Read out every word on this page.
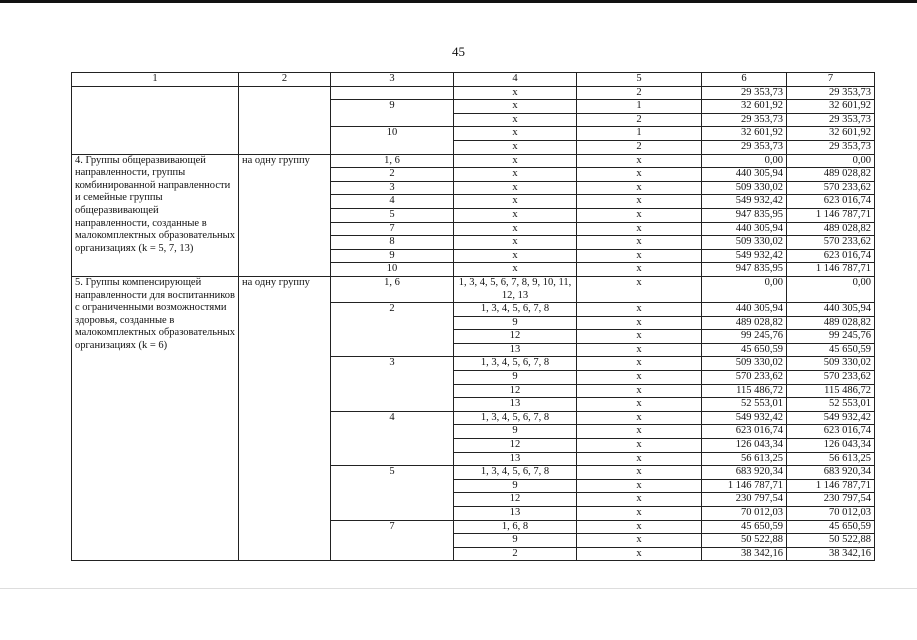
45
1	2	3	4	5	6	7
			х	2	29 353,73	29 353,73
		9	х	1	32 601,92	32 601,92
			х	2	29 353,73	29 353,73
		10	х	1	32 601,92	32 601,92
			х	2	29 353,73	29 353,73
4. Группы общеразвивающей направленности, группы комбинированной направленности и семейные группы общеразвивающей направленности, созданные в малокомплектных образовательных организациях (k = 5, 7, 13)	на одну группу	1, 6	х	х	0,00	0,00
		2	х	х	440 305,94	489 028,82
		3	х	х	509 330,02	570 233,62
		4	х	х	549 932,42	623 016,74
		5	х	х	947 835,95	1 146 787,71
		7	х	х	440 305,94	489 028,82
		8	х	х	509 330,02	570 233,62
		9	х	х	549 932,42	623 016,74
		10	х	х	947 835,95	1 146 787,71
5. Группы компенсирующей направленности для воспитанников с ограниченными возможностями здоровья, созданные в малокомплектных образовательных организациях (k = 6)	на одну группу	1, 6	1, 3, 4, 5, 6, 7, 8, 9, 10, 11, 12, 13	х	0,00	0,00
		2	1, 3, 4, 5, 6, 7, 8	х	440 305,94	440 305,94
			9	х	489 028,82	489 028,82
			12	х	99 245,76	99 245,76
			13	х	45 650,59	45 650,59
		3	1, 3, 4, 5, 6, 7, 8	х	509 330,02	509 330,02
			9	х	570 233,62	570 233,62
			12	х	115 486,72	115 486,72
			13	х	52 553,01	52 553,01
		4	1, 3, 4, 5, 6, 7, 8	х	549 932,42	549 932,42
			9	х	623 016,74	623 016,74
			12	х	126 043,34	126 043,34
			13	х	56 613,25	56 613,25
		5	1, 3, 4, 5, 6, 7, 8	х	683 920,34	683 920,34
			9	х	1 146 787,71	1 146 787,71
			12	х	230 797,54	230 797,54
			13	х	70 012,03	70 012,03
		7	1, 6, 8	х	45 650,59	45 650,59
			9	х	50 522,88	50 522,88
			2	х	38 342,16	38 342,16
